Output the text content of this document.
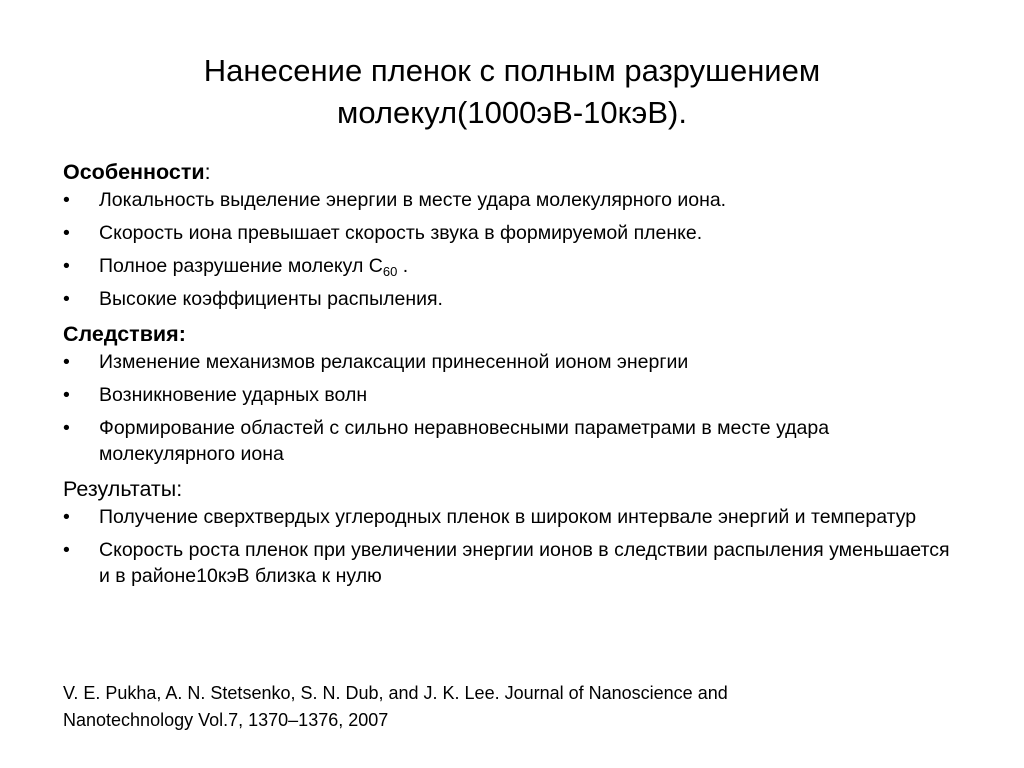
Нанесение пленок с полным разрушением
молекул(1000эВ-10кэВ).

Особенности:

•	Локальность выделение энергии в месте удара молекулярного иона.
•	Скорость иона превышает скорость звука в формируемой пленке.
•	Полное разрушение молекул $C_{60}$ .
•	Высокие коэффициенты распыления.

Следствия:

•	Изменение механизмов релаксации принесенной ионом энергии
•	Возникновение ударных волн
•	Формирование областей с сильно неравновесными параметрами в месте удара молекулярного иона

Результаты:

•	Получение сверхтвердых углеродных пленок в широком интервале энергий и температур
•	Скорость роста пленок при увеличении энергии ионов в следствии распыления уменьшается и в районе10кэВ близка к нулю
V. E. Pukha, A. N. Stetsenko, S. N. Dub, and J. K. Lee. Journal of Nanoscience and
Nanotechnology Vol.7, 1370–1376, 2007
